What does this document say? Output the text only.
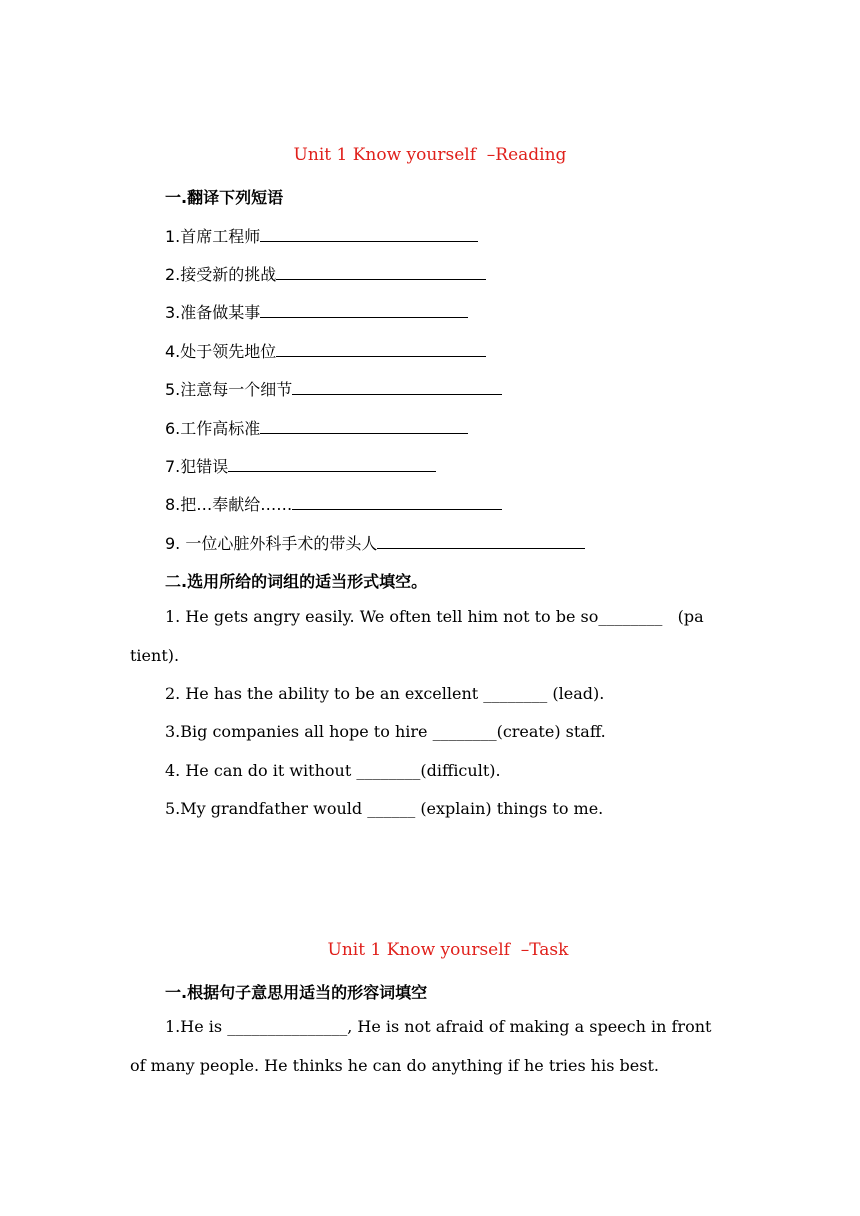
Unit 1 Know yourself  –Reading
一.翻译下列短语
1.首席工程师
2.接受新的挑战
3.准备做某事
4.处于领先地位
5.注意每一个细节
6.工作高标准
7.犯错误
8.把…奉献给……
9. 一位心脏外科手术的带头人
二.选用所给的词组的适当形式填空。
1. He gets angry easily. We often tell him not to be so________   (pa
tient).
2. He has the ability to be an excellent ________ (lead).
3.Big companies all hope to hire ________(create) staff.
4. He can do it without ________(difficult).
5.My grandfather would ______ (explain) things to me.
Unit 1 Know yourself  –Task
一.根据句子意思用适当的形容词填空
1.He is _______________, He is not afraid of making a speech in front
of many people. He thinks he can do anything if he tries his best.
